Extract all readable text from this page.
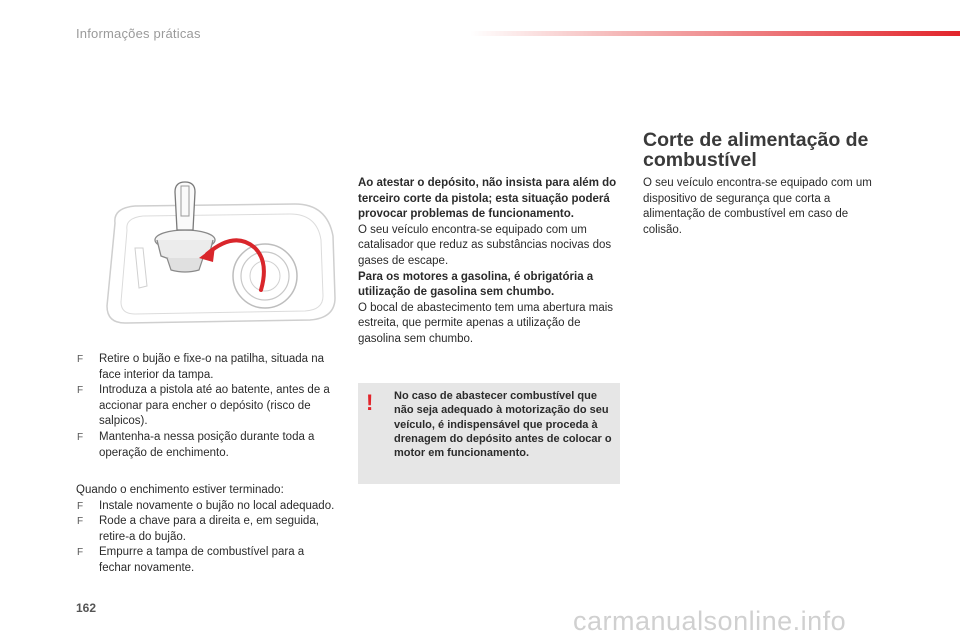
Informações práticas
F Retire o bujão e fixe-o na patilha, situada na face interior da tampa.
F Introduza a pistola até ao batente, antes de a accionar para encher o depósito (risco de salpicos).
F Mantenha-a nessa posição durante toda a operação de enchimento.
Quando o enchimento estiver terminado:
F Instale novamente o bujão no local adequado.
F Rode a chave para a direita e, em seguida, retire-a do bujão.
F Empurre a tampa de combustível para a fechar novamente.

Ao atestar o depósito, não insista para além do terceiro corte da pistola; esta situação poderá provocar problemas de funcionamento.

O seu veículo encontra-se equipado com um catalisador que reduz as substâncias nocivas dos gases de escape.

Para os motores a gasolina, é obrigatória a utilização de gasolina sem chumbo.

O bocal de abastecimento tem uma abertura mais estreita, que permite apenas a utilização de gasolina sem chumbo.

! No caso de abastecer combustível que não seja adequado à motorização do seu veículo, é indispensável que proceda à drenagem do depósito antes de colocar o motor em funcionamento.
Corte de alimentação de combustível
O seu veículo encontra-se equipado com um dispositivo de segurança que corta a alimentação de combustível em caso de colisão.
162	carmanualsonline.info
